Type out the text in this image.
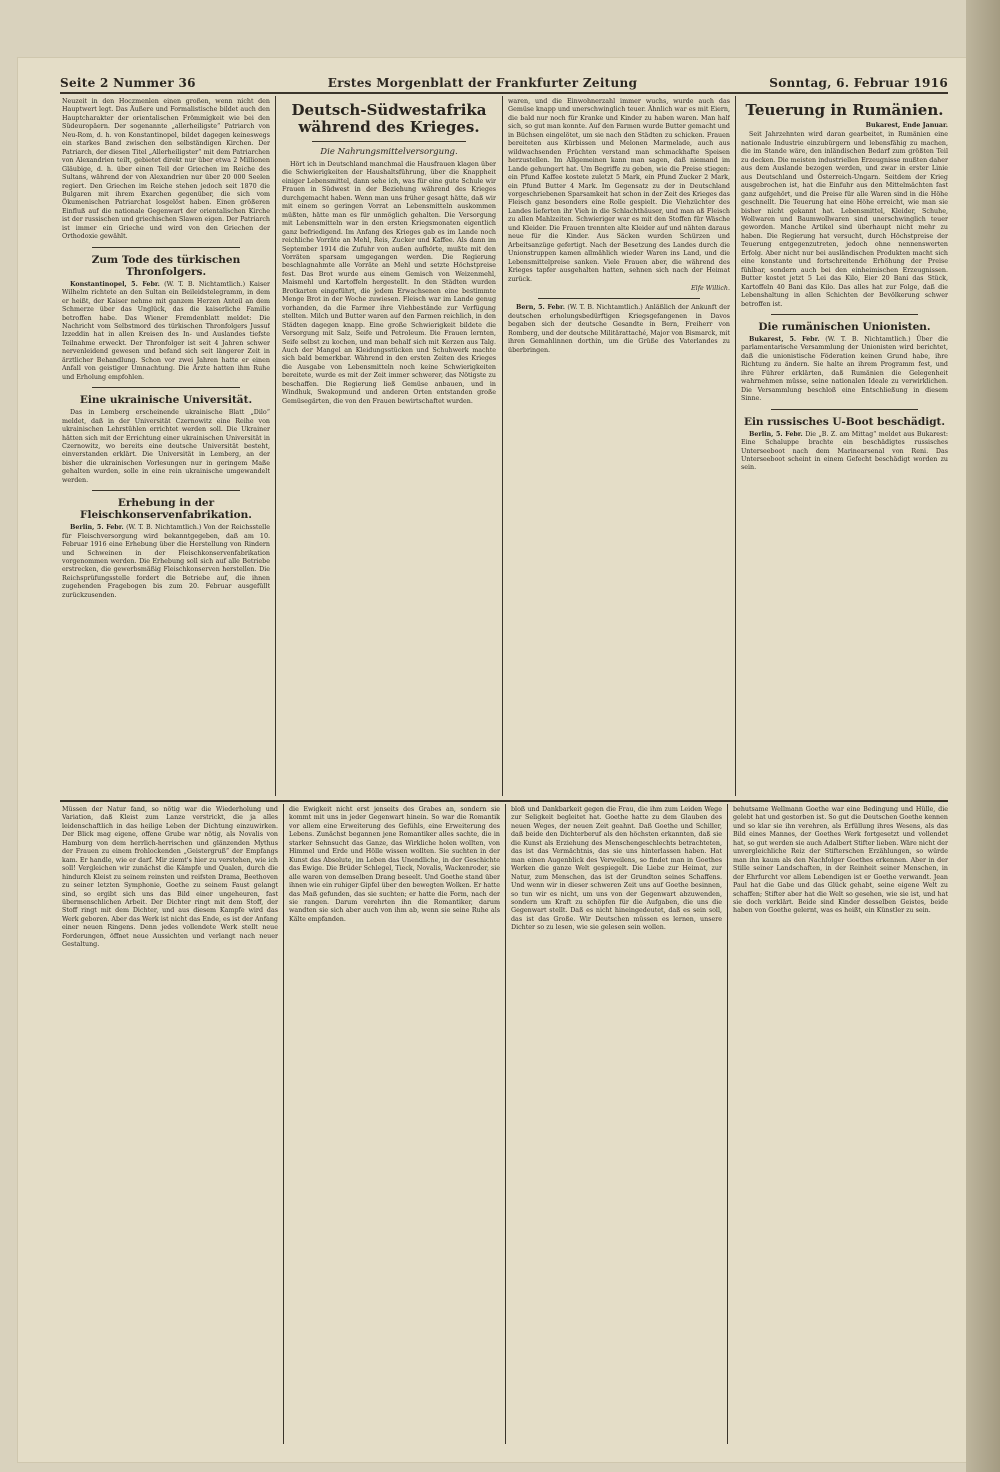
Seite 2 Nummer 36	Erstes Morgenblatt der Frankfurter Zeitung	Sonntag, 6. Februar 1916

Neuzeit in den Hoczmenlen einen großen, wenn nicht den Hauptwert legt. Das Äußere und Formalistische bildet auch den Hauptcharakter der orientalischen Frömmigkeit wie bei den Südeuropäern. Der sogenannte „allerheiligste“ Patriarch von Neu-Rom, d. h. von Konstantinopel, bildet dagegen keineswegs ein starkes Band zwischen den selbständigen Kirchen. Der Patriarch, der diesen Titel „Allerheiligster“ mit dem Patriarchen von Alexandrien teilt, gebietet direkt nur über etwa 2 Millionen Gläubige, d. h. über einen Teil der Griechen im Reiche des Sultans, während der von Alexandrien nur über 20 000 Seelen regiert. Den Griechen im Reiche stehen jedoch seit 1870 die Bulgaren mit ihrem Exarchen gegenüber, die sich vom Ökumenischen Patriarchat losgelöst haben. Einen größeren Einfluß auf die nationale Gegenwart der orientalischen Kirche ist der russischen und griechischen Slawen eigen. Der Patriarch ist immer ein Grieche und wird von den Griechen der Orthodoxie gewählt.

Zum Tode des türkischen Thronfolgers.

Konstantinopel, 5. Febr. (W. T. B. Nichtamtlich.) Kaiser Wilhelm richtete an den Sultan ein Beileidstelegramm, in dem er heißt, der Kaiser nehme mit ganzem Herzen Anteil an dem Schmerze über das Unglück, das die kaiserliche Familie betroffen habe. Das Wiener Fremdenblatt meldet: Die Nachricht vom Selbstmord des türkischen Thronfolgers Jussuf Izzeddin hat in allen Kreisen des In- und Auslandes tiefste Teilnahme erweckt. Der Thronfolger ist seit 4 Jahren schwer nervenleidend gewesen und befand sich seit längerer Zeit in ärztlicher Behandlung. Schon vor zwei Jahren hatte er einen Anfall von geistiger Umnachtung. Die Ärzte hatten ihm Ruhe und Erholung empfohlen.

Eine ukrainische Universität.

Das in Lemberg erscheinende ukrainische Blatt „Dilo“ meldet, daß in der Universität Czernowitz eine Reihe von ukrainischen Lehrstühlen errichtet werden soll. Die Ukrainer hätten sich mit der Errichtung einer ukrainischen Universität in Czernowitz, wo bereits eine deutsche Universität besteht, einverstanden erklärt. Die Universität in Lemberg, an der bisher die ukrainischen Vorlesungen nur in geringem Maße gehalten wurden, solle in eine rein ukrainische umgewandelt werden.

Erhebung in der Fleischkonservenfabrikation.

Berlin, 5. Febr. (W. T. B. Nichtamtlich.) Von der Reichsstelle für Fleischversorgung wird bekanntgegeben, daß am 10. Februar 1916 eine Erhebung über die Herstellung von Rindern und Schweinen in der Fleischkonservenfabrikation vorgenommen werden. Die Erhebung soll sich auf alle Betriebe erstrecken, die gewerbsmäßig Fleischkonserven herstellen. Die Reichsprüfungsstelle fordert die Betriebe auf, die ihnen zugehenden Fragebogen bis zum 20. Februar ausgefüllt zurückzusenden.

Deutsch-Südwestafrika während des Krieges.
Die Nahrungsmittelversorgung.

Hört ich in Deutschland manchmal die Hausfrauen klagen über die Schwierigkeiten der Haushaltsführung, über die Knappheit einiger Lebensmittel, dann sehe ich, was für eine gute Schule wir Frauen in Südwest in der Beziehung während des Krieges durchgemacht haben. Wenn man uns früher gesagt hätte, daß wir mit einem so geringen Vorrat an Lebensmitteln auskommen müßten, hätte man es für unmöglich gehalten. Die Versorgung mit Lebensmitteln war in den ersten Kriegsmonaten eigentlich ganz befriedigend. Im Anfang des Krieges gab es im Lande noch reichliche Vorräte an Mehl, Reis, Zucker und Kaffee. Als dann im September 1914 die Zufuhr von außen aufhörte, mußte mit den Vorräten sparsam umgegangen werden. Die Regierung beschlagnahmte alle Vorräte an Mehl und setzte Höchstpreise fest. Das Brot wurde aus einem Gemisch von Weizenmehl, Maismehl und Kartoffeln hergestellt. In den Städten wurden Brotkarten eingeführt, die jedem Erwachsenen eine bestimmte Menge Brot in der Woche zuwiesen. Fleisch war im Lande genug vorhanden, da die Farmer ihre Viehbestände zur Verfügung stellten. Milch und Butter waren auf den Farmen reichlich, in den Städten dagegen knapp. Eine große Schwierigkeit bildete die Versorgung mit Salz, Seife und Petroleum. Die Frauen lernten, Seife selbst zu kochen, und man behalf sich mit Kerzen aus Talg. Auch der Mangel an Kleidungsstücken und Schuhwerk machte sich bald bemerkbar. Während in den ersten Zeiten des Krieges die Ausgabe von Lebensmitteln noch keine Schwierigkeiten bereitete, wurde es mit der Zeit immer schwerer, das Nötigste zu beschaffen. Die Regierung ließ Gemüse anbauen, und in Windhuk, Swakopmund und anderen Orten entstanden große Gemüsegärten, die von den Frauen bewirtschaftet wurden.

waren, und die Einwohnerzahl immer wuchs, wurde auch das Gemüse knapp und unerschwinglich teuer. Ähnlich war es mit Eiern, die bald nur noch für Kranke und Kinder zu haben waren. Man half sich, so gut man konnte. Auf den Farmen wurde Butter gemacht und in Büchsen eingelötet, um sie nach den Städten zu schicken. Frauen bereiteten aus Kürbissen und Melonen Marmelade, auch aus wildwachsenden Früchten verstand man schmackhafte Speisen herzustellen. Im Allgemeinen kann man sagen, daß niemand im Lande gehungert hat. Um Begriffe zu geben, wie die Preise stiegen: ein Pfund Kaffee kostete zuletzt 5 Mark, ein Pfund Zucker 2 Mark, ein Pfund Butter 4 Mark. Im Gegensatz zu der in Deutschland vorgeschriebenen Sparsamkeit hat schon in der Zeit des Krieges das Fleisch ganz besonders eine Rolle gespielt. Die Viehzüchter des Landes lieferten ihr Vieh in die Schlachthäuser, und man aß Fleisch zu allen Mahlzeiten. Schwieriger war es mit den Stoffen für Wäsche und Kleider. Die Frauen trennten alte Kleider auf und nähten daraus neue für die Kinder. Aus Säcken wurden Schürzen und Arbeitsanzüge gefertigt. Nach der Besetzung des Landes durch die Unionstruppen kamen allmählich wieder Waren ins Land, und die Lebensmittelpreise sanken. Viele Frauen aber, die während des Krieges tapfer ausgehalten hatten, sehnen sich nach der Heimat zurück.

Elfe Willich.

Bern, 5. Febr. (W. T. B. Nichtamtlich.) Anläßlich der Ankunft der deutschen erholungsbedürftigen Kriegsgefangenen in Davos begaben sich der deutsche Gesandte in Bern, Freiherr von Romberg, und der deutsche Militärattaché, Major von Bismarck, mit ihren Gemahlinnen dorthin, um die Grüße des Vaterlandes zu überbringen.

Teuerung in Rumänien.

Bukarest, Ende Januar.

Seit Jahrzehnten wird daran gearbeitet, in Rumänien eine nationale Industrie einzubürgern und lebensfähig zu machen, die im Stande wäre, den inländischen Bedarf zum größten Teil zu decken. Die meisten industriellen Erzeugnisse mußten daher aus dem Auslande bezogen werden, und zwar in erster Linie aus Deutschland und Österreich-Ungarn. Seitdem der Krieg ausgebrochen ist, hat die Einfuhr aus den Mittelmächten fast ganz aufgehört, und die Preise für alle Waren sind in die Höhe geschnellt. Die Teuerung hat eine Höhe erreicht, wie man sie bisher nicht gekannt hat. Lebensmittel, Kleider, Schuhe, Wollwaren und Baumwollwaren sind unerschwinglich teuer geworden. Manche Artikel sind überhaupt nicht mehr zu haben. Die Regierung hat versucht, durch Höchstpreise der Teuerung entgegenzutreten, jedoch ohne nennenswerten Erfolg. Aber nicht nur bei ausländischen Produkten macht sich eine konstante und fortschreitende Erhöhung der Preise fühlbar, sondern auch bei den einheimischen Erzeugnissen. Butter kostet jetzt 5 Lei das Kilo, Eier 20 Bani das Stück, Kartoffeln 40 Bani das Kilo. Das alles hat zur Folge, daß die Lebenshaltung in allen Schichten der Bevölkerung schwer betroffen ist.

Die rumänischen Unionisten.

Bukarest, 5. Febr. (W. T. B. Nichtamtlich.) Über die parlamentarische Versammlung der Unionisten wird berichtet, daß die unionistische Föderation keinen Grund habe, ihre Richtung zu ändern. Sie halte an ihrem Programm fest, und ihre Führer erklärten, daß Rumänien die Gelegenheit wahrnehmen müsse, seine nationalen Ideale zu verwirklichen. Die Versammlung beschloß eine Entschließung in diesem Sinne.

Ein russisches U-Boot beschädigt.

Berlin, 5. Febr. Die „B. Z. am Mittag“ meldet aus Bukarest: Eine Schaluppe brachte ein beschädigtes russisches Unterseeboot nach dem Marinearsenal von Reni. Das Unterseeboot scheint in einem Gefecht beschädigt worden zu sein.

Müssen der Natur fand, so nötig war die Wiederholung und Variation, daß Kleist zum Lanze verstrickt, die ja alles leidenschaftlich in das heilige Leben der Dichtung einzuwirken. Der Blick mag eigene, offene Grube war nötig, als Novalis von Hamburg von dem herrlich-herrischen und glänzenden Mythus der Frauen zu einem frohlockenden „Geistergruß“ der Empfangs kam. Er handle, wie er darf. Mir ziemt's hier zu verstehen, wie ich soll! Vergleichen wir zunächst die Kämpfe und Qualen, durch die hindurch Kleist zu seinem reinsten und reifsten Drama, Beethoven zu seiner letzten Symphonie, Goethe zu seinem Faust gelangt sind, so ergibt sich uns das Bild einer ungeheuren, fast übermenschlichen Arbeit. Der Dichter ringt mit dem Stoff, der Stoff ringt mit dem Dichter, und aus diesem Kampfe wird das Werk geboren. Aber das Werk ist nicht das Ende, es ist der Anfang einer neuen Ringens. Denn jedes vollendete Werk stellt neue Forderungen, öffnet neue Aussichten und verlangt nach neuer Gestaltung.

die Ewigkeit nicht erst jenseits des Grabes an, sondern sie kommt mit uns in jeder Gegenwart hinein. So war die Romantik vor allem eine Erweiterung des Gefühls, eine Erweiterung des Lebens. Zunächst begannen jene Romantiker alles sachte, die in starker Sehnsucht das Ganze, das Wirkliche holen wollten, von Himmel und Erde und Hölle wissen wollten. Sie suchten in der Kunst das Absolute, im Leben das Unendliche, in der Geschichte das Ewige. Die Brüder Schlegel, Tieck, Novalis, Wackenroder, sie alle waren von demselben Drang beseelt. Und Goethe stand über ihnen wie ein ruhiger Gipfel über den bewegten Wolken. Er hatte das Maß gefunden, das sie suchten; er hatte die Form, nach der sie rangen. Darum verehrten ihn die Romantiker, darum wandten sie sich aber auch von ihm ab, wenn sie seine Ruhe als Kälte empfanden.

bloß und Dankbarkeit gegen die Frau, die ihm zum Leiden Wege zur Seligkeit begleitet hat. Goethe hatte zu dem Glauben des neuen Weges, der neuen Zeit geahnt. Daß Goethe und Schiller, daß beide den Dichterberuf als den höchsten erkannten, daß sie die Kunst als Erziehung des Menschengeschlechts betrachteten, das ist das Vermächtnis, das sie uns hinterlassen haben. Hat man einen Augenblick des Verweilens, so findet man in Goethes Werken die ganze Welt gespiegelt. Die Liebe zur Heimat, zur Natur, zum Menschen, das ist der Grundton seines Schaffens. Und wenn wir in dieser schweren Zeit uns auf Goethe besinnen, so tun wir es nicht, um uns von der Gegenwart abzuwenden, sondern um Kraft zu schöpfen für die Aufgaben, die uns die Gegenwart stellt. Daß es nicht hineingedeutet, daß es sein soll, das ist das Große. Wir Deutschen müssen es lernen, unsere Dichter so zu lesen, wie sie gelesen sein wollen.

behutsame Wellmann Goethe war eine Bedingung und Hülle, die gelebt hat und gestorben ist. So gut die Deutschen Goethe kennen und so klar sie ihn verehren, als Erfüllung ihres Wesens, als das Bild eines Mannes, der Goethes Werk fortgesetzt und vollendet hat, so gut werden sie auch Adalbert Stifter lieben. Wäre nicht der unvergleichliche Reiz der Stifterschen Erzählungen, so würde man ihn kaum als den Nachfolger Goethes erkennen. Aber in der Stille seiner Landschaften, in der Reinheit seiner Menschen, in der Ehrfurcht vor allem Lebendigen ist er Goethe verwandt. Jean Paul hat die Gabe und das Glück gehabt, seine eigene Welt zu schaffen; Stifter aber hat die Welt so gesehen, wie sie ist, und hat sie doch verklärt. Beide sind Kinder desselben Geistes, beide haben von Goethe gelernt, was es heißt, ein Künstler zu sein.
